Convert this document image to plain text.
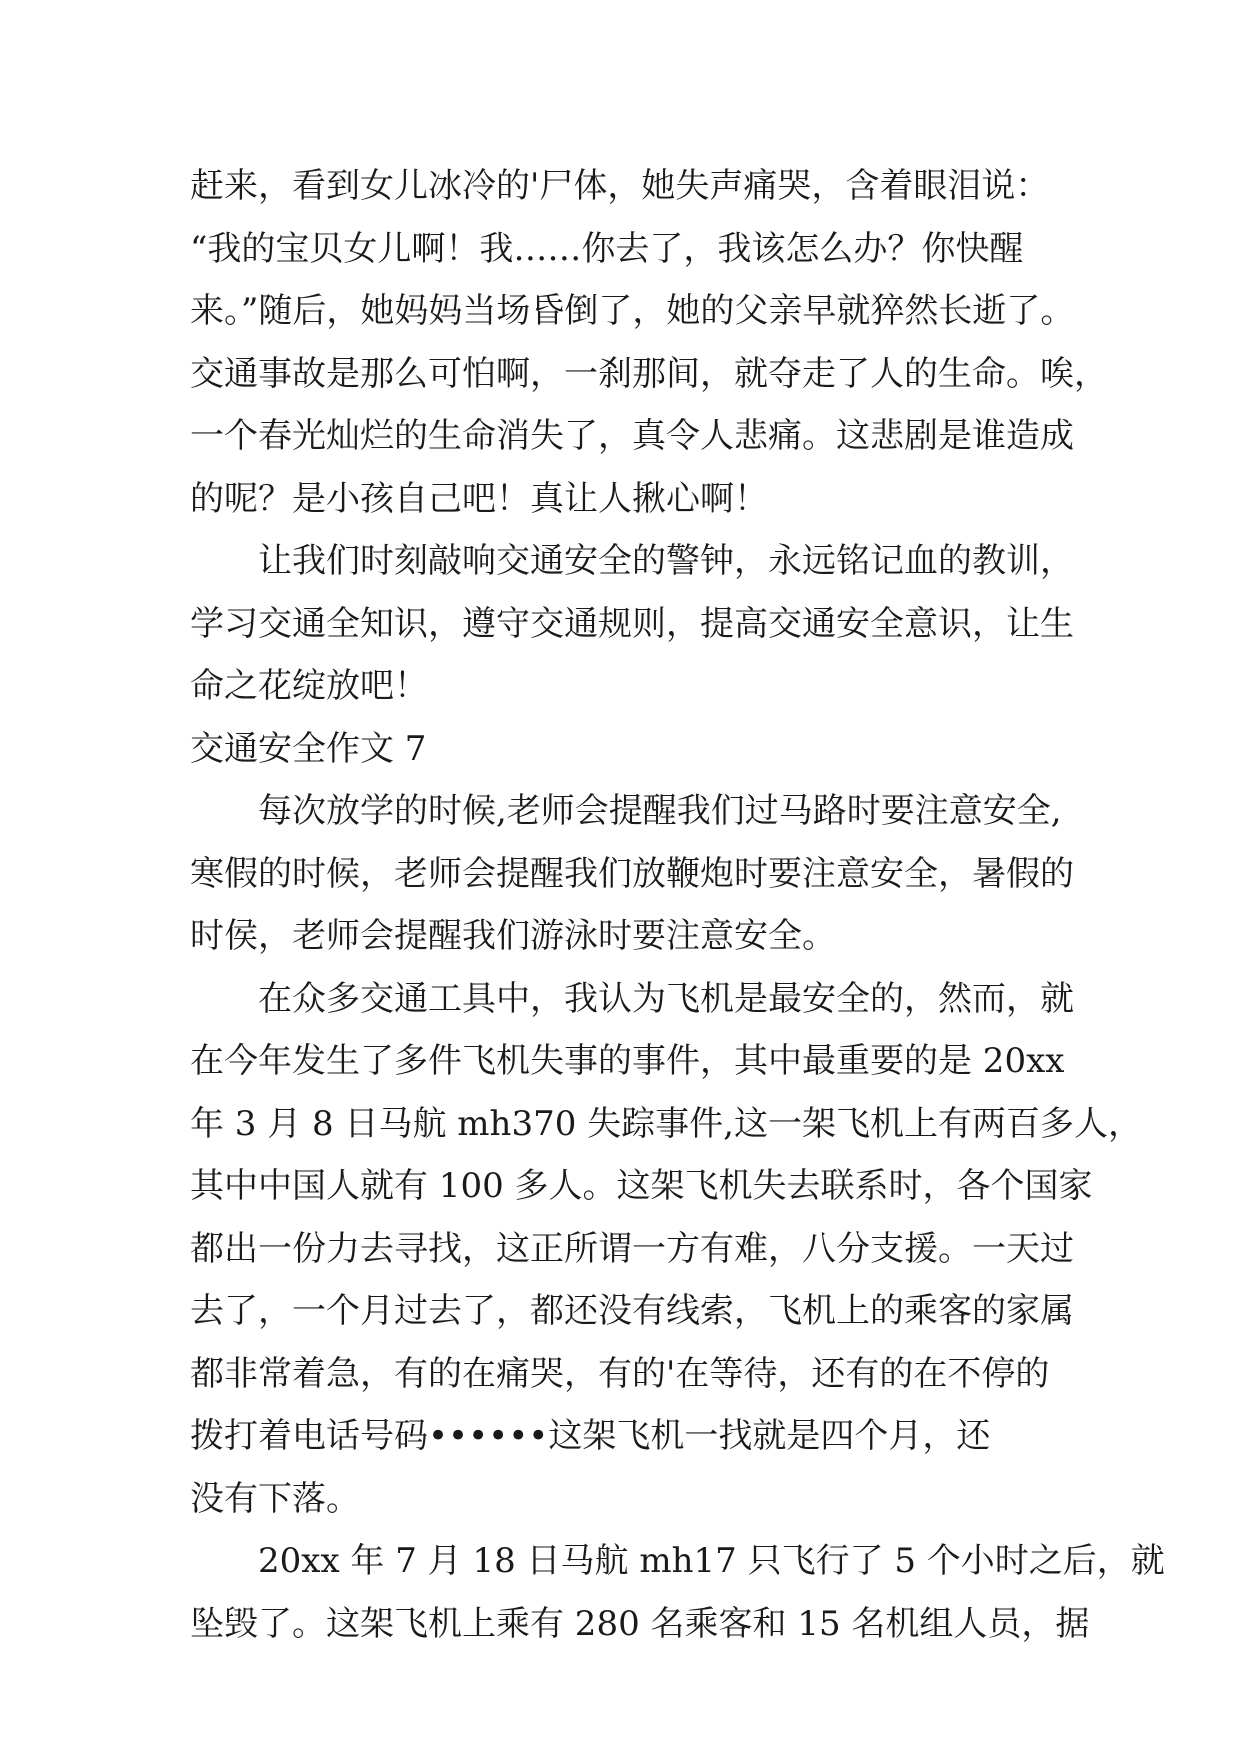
赶来，看到女儿冰冷的'尸体，她失声痛哭，含着眼泪说：
“我的宝贝女儿啊！我……你去了，我该怎么办？你快醒
来。”随后，她妈妈当场昏倒了，她的父亲早就猝然长逝了。
交通事故是那么可怕啊，一刹那间，就夺走了人的生命。唉，
一个春光灿烂的生命消失了，真令人悲痛。这悲剧是谁造成
的呢？是小孩自己吧！真让人揪心啊！
让我们时刻敲响交通安全的警钟，永远铭记血的教训，
学习交通全知识，遵守交通规则，提高交通安全意识，让生
命之花绽放吧！
交通安全作文 7
每次放学的时候,老师会提醒我们过马路时要注意安全,
寒假的时候，老师会提醒我们放鞭炮时要注意安全，暑假的
时侯，老师会提醒我们游泳时要注意安全。
在众多交通工具中，我认为飞机是最安全的，然而，就
在今年发生了多件飞机失事的事件，其中最重要的是 20xx
年 3 月 8 日马航 mh370 失踪事件,这一架飞机上有两百多人，
其中中国人就有 100 多人。这架飞机失去联系时，各个国家
都出一份力去寻找，这正所谓一方有难，八分支援。一天过
去了，一个月过去了，都还没有线索，飞机上的乘客的家属
都非常着急，有的在痛哭，有的'在等待，还有的在不停的
拨打着电话号码••••••这架飞机一找就是四个月，还
没有下落。
20xx 年 7 月 18 日马航 mh17 只飞行了 5 个小时之后，就
坠毁了。这架飞机上乘有 280 名乘客和 15 名机组人员，据
